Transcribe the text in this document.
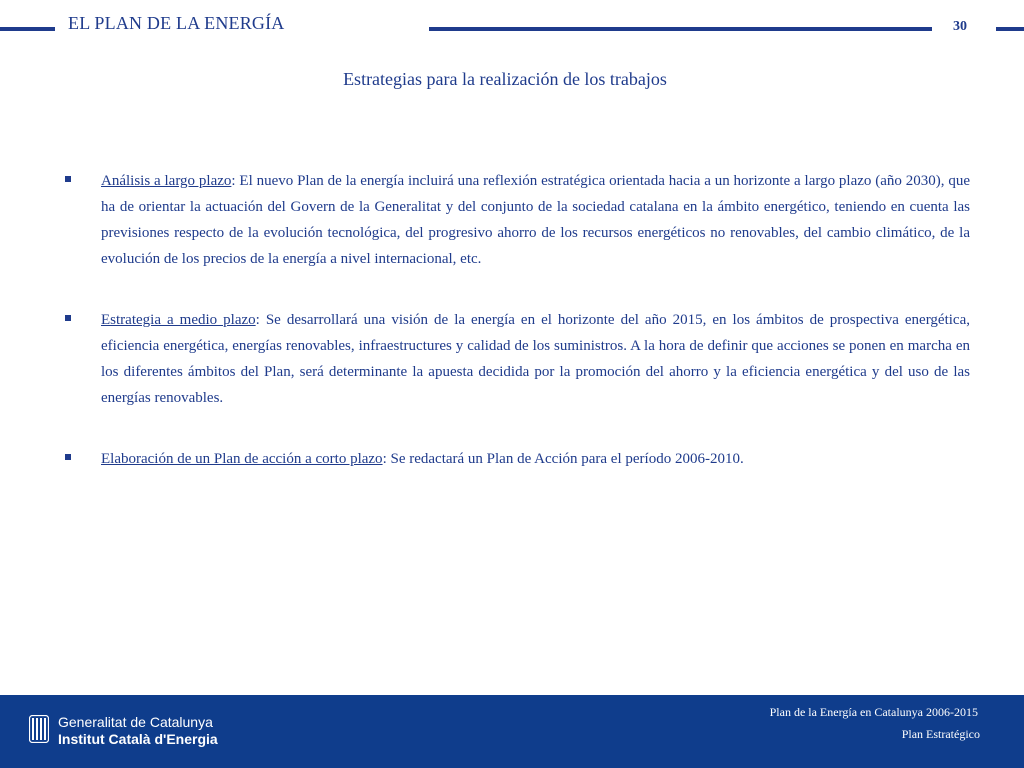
EL PLAN DE LA ENERGÍA	30
Estrategias para la realización de los trabajos
Análisis a largo plazo: El nuevo Plan de la energía incluirá una reflexión estratégica orientada hacia a un horizonte a largo plazo (año 2030), que ha de orientar la actuación del Govern de la Generalitat y del conjunto de la sociedad catalana en la ámbito energético, teniendo en cuenta las previsiones respecto de la evolución tecnológica, del progresivo ahorro de los recursos energéticos no renovables, del cambio climático, de la evolución de los precios de la energía a nivel internacional, etc.
Estrategia a medio plazo: Se desarrollará una visión de la energía en el horizonte del año 2015, en los ámbitos de prospectiva energética, eficiencia energética, energías renovables, infraestructures y calidad de los suministros. A la hora de definir que acciones se ponen en marcha en los diferentes ámbitos del Plan, será determinante la apuesta decidida por la promoción del ahorro y la eficiencia energética y del uso de las energías renovables.
Elaboración de un Plan de acción a corto plazo: Se redactará un Plan de Acción para el período 2006-2010.
Generalitat de Catalunya
Institut Català d'Energia
Plan de la Energía en Catalunya 2006-2015
Plan Estratégico
